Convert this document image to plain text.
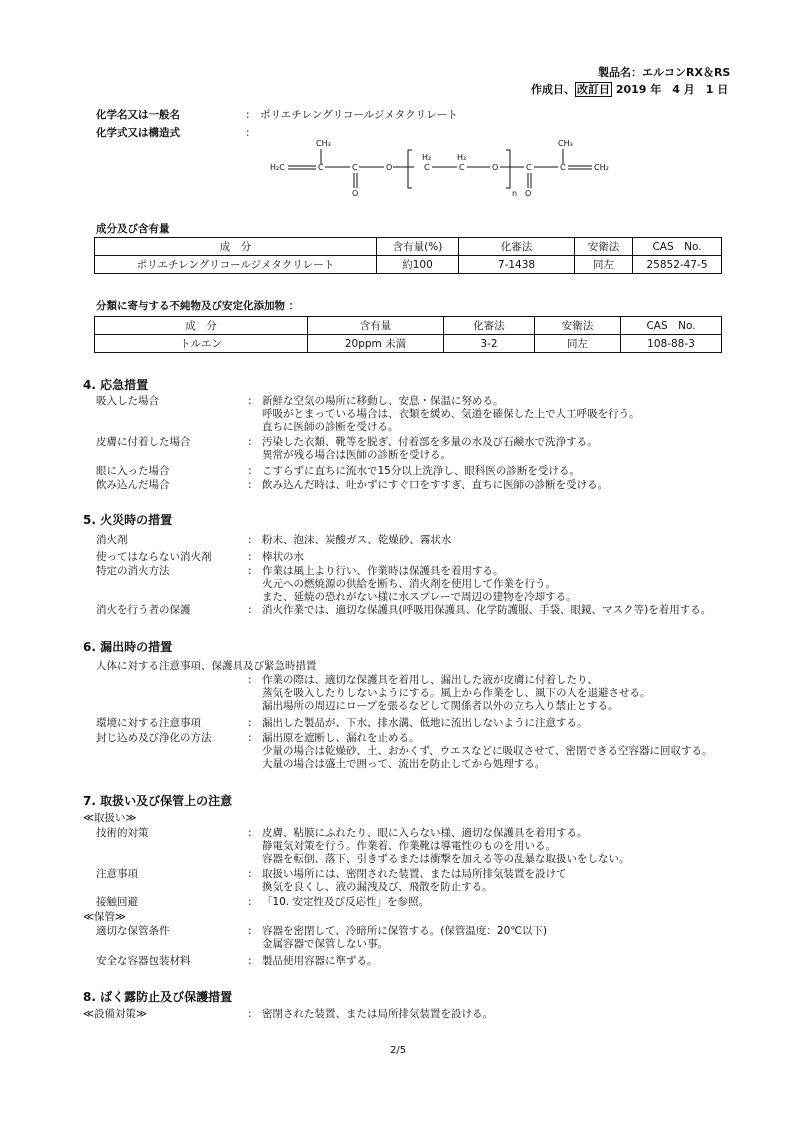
製品名：エルコンRX＆RS
作成日、 改訂日 2019 年　4 月　1 日
化学名又は一般名	: ポリエチレングリコールジメタクリレート
化学式又は構造式	:
CH₃
H₂C	C	C
O
O
H₂
C
H₂
C	O
n
C
O
C
CH₃
CH₂
成分及び含有量
成　分	含有量(%)	化審法	安衛法	CAS　No.
ポリエチレングリコールジメタクリレート	約100	7-1438	同左	25852-47-5
分類に寄与する不純物及び安定化添加物 ：
成　分	含有量	化審法	安衛法	CAS　No.
トルエン	20ppm 未満	3-2	同左	108-88-3
4. 応急措置
吸入した場合	: 新鮮な空気の場所に移動し、安息・保温に努める。
呼吸がとまっている場合は、衣類を緩め、気道を確保した上で人工呼吸を行う。
直ちに医師の診断を受ける。
皮膚に付着した場合	: 汚染した衣類、靴等を脱ぎ、付着部を多量の水及び石鹸水で洗浄する。
異常が残る場合は医師の診断を受ける。
眼に入った場合	: こすらずに直ちに流水で15分以上洗浄し、眼科医の診断を受ける。
飲み込んだ場合	: 飲み込んだ時は、吐かずにすぐ口をすすぎ、直ちに医師の診断を受ける。
5. 火災時の措置
消火剤	: 粉末、泡沫、炭酸ガス、乾燥砂、霧状水
使ってはならない消火剤	: 棒状の水
特定の消火方法	: 作業は風上より行い、作業時は保護具を着用する。
火元への燃焼源の供給を断ち、消火剤を使用して作業を行う。
また、延焼の恐れがない様に水スプレーで周辺の建物を冷却する。
消火を行う者の保護	: 消火作業では、適切な保護具(呼吸用保護具、化学防護服、手袋、眼鏡、マスク等)を着用する。
6. 漏出時の措置
人体に対する注意事項、保護具及び緊急時措置
: 作業の際は、適切な保護具を着用し、漏出した液が皮膚に付着したり、
蒸気を吸入したりしないようにする。風上から作業をし、風下の人を退避させる。
漏出場所の周辺にロープを張るなどして関係者以外の立ち入り禁止とする。
環境に対する注意事項	: 漏出した製品が、下水、排水溝、低地に流出しないように注意する。
封じ込め及び浄化の方法	: 漏出原を遮断し、漏れを止める。
少量の場合は乾燥砂、土、おかくず、ウエスなどに吸収させて、密閉できる空容器に回収する。
大量の場合は盛土で囲って、流出を防止してから処理する。
7. 取扱い及び保管上の注意
≪取扱い≫
技術的対策	: 皮膚、粘膜にふれたり、眼に入らない様、適切な保護具を着用する。
静電気対策を行う。作業着、作業靴は導電性のものを用いる。
容器を転倒、落下、引きずるまたは衝撃を加える等の乱暴な取扱いをしない。
注意事項	: 取扱い場所には、密閉された装置、または局所排気装置を設けて
換気を良くし、液の漏洩及び、飛散を防止する。
接触回避	: 「10. 安定性及び反応性」を参照。
≪保管≫
適切な保管条件	: 容器を密閉して、冷暗所に保管する。(保管温度：20℃以下)
金属容器で保管しない事。
安全な容器包装材料	: 製品使用容器に準ずる。
8. ばく露防止及び保護措置
≪設備対策≫	: 密閉された装置、または局所排気装置を設ける。
2/5
